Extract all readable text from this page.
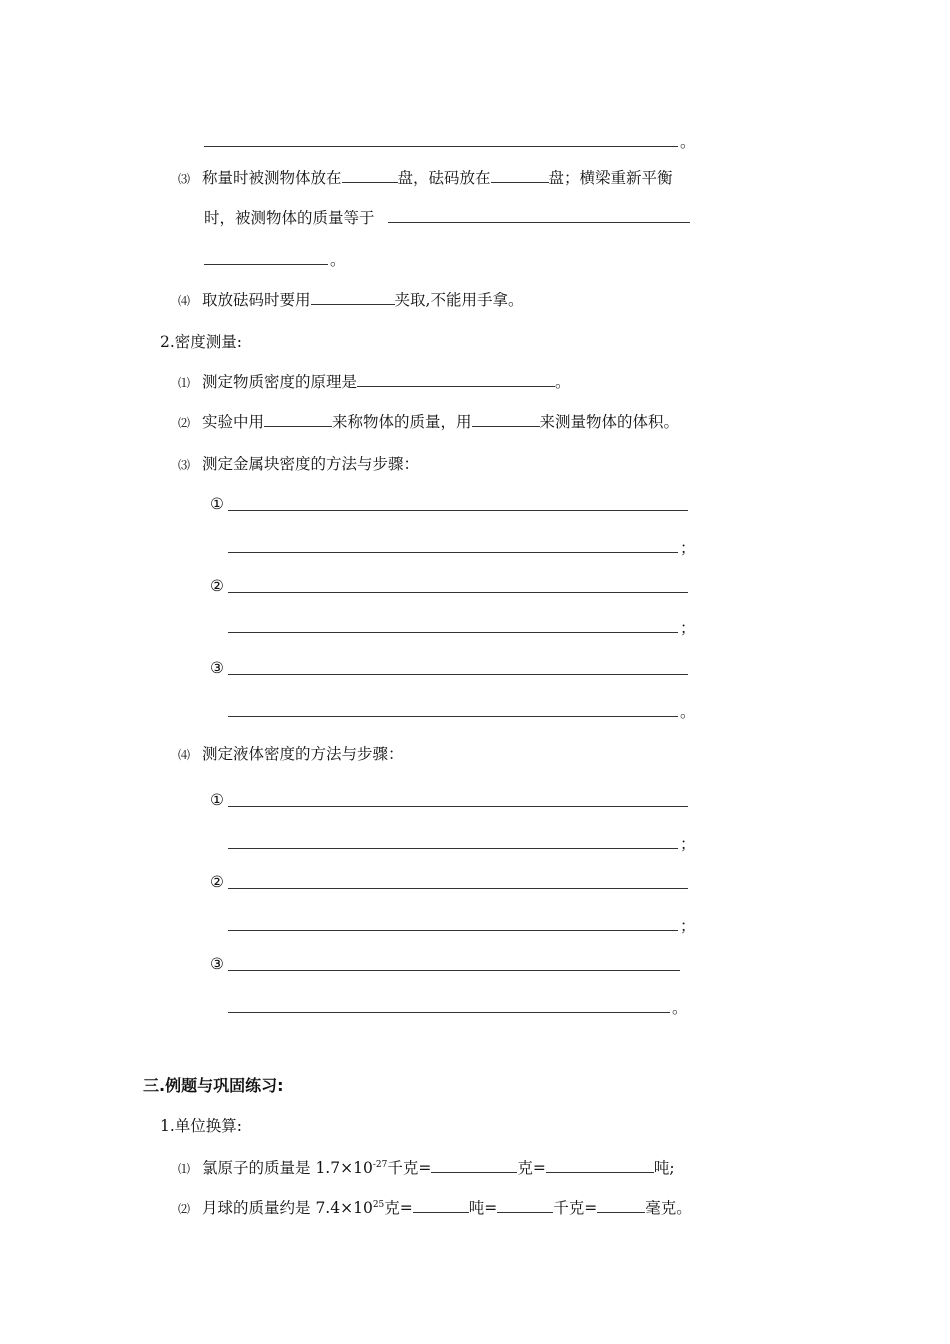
。
⑶ 称量时被测物体放在	盘，砝码放在	盘；横梁重新平衡
时，被测物体的质量等于
。
⑷ 取放砝码时要用	夹取,不能用手拿。
2.密度测量:
⑴ 测定物质密度的原理是	。
⑵ 实验中用	来称物体的质量，用	来测量物体的体积。
⑶ 测定金属块密度的方法与步骤：
①
；
②
；
③
。
⑷ 测定液体密度的方法与步骤：
①
；
②
；
③
。
三.例题与巩固练习:
1.单位换算:
⑴ 氯原子的质量是 $1.7\times 10^{-27}$千克=	克=	吨;
⑵ 月球的质量约是 $7.4\times 10^{25}$克=	吨=	千克=	毫克。
